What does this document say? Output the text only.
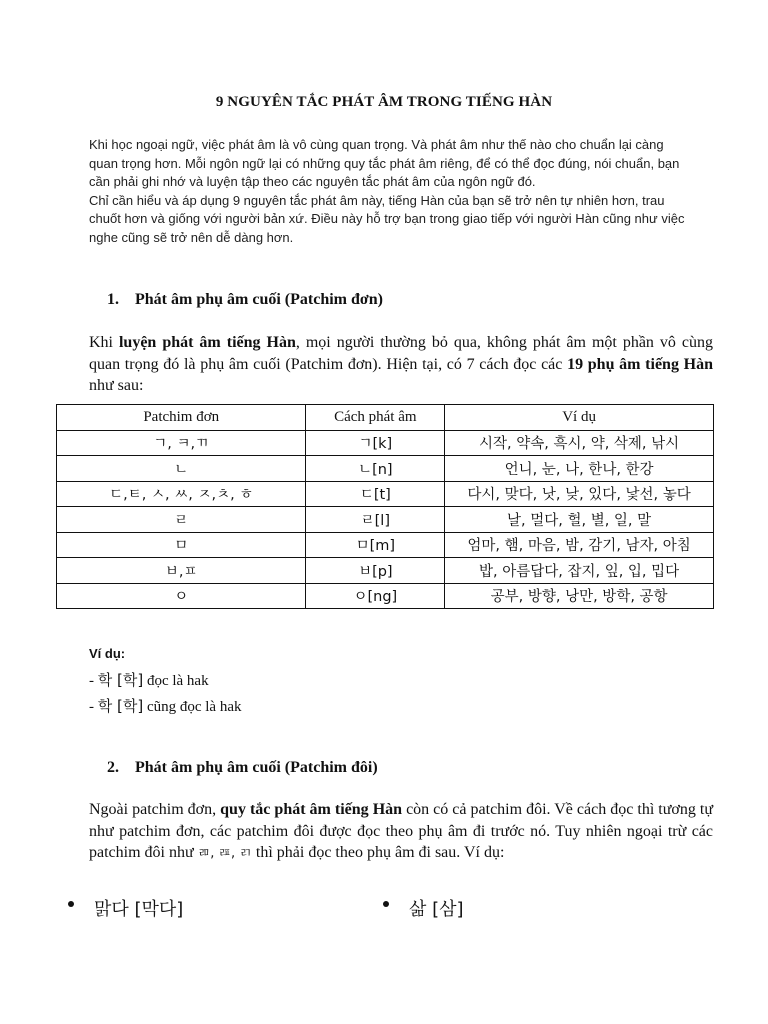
9 NGUYÊN TẮC PHÁT ÂM TRONG TIẾNG HÀN

Khi học ngoại ngữ, việc phát âm là vô cùng quan trọng. Và phát âm như thế nào cho chuẩn lại càng quan trọng hơn. Mỗi ngôn ngữ lại có những quy tắc phát âm riêng, để có thể đọc đúng, nói chuẩn, bạn cần phải ghi nhớ và luyện tập theo các nguyên tắc phát âm của ngôn ngữ đó.

Chỉ cần hiểu và áp dụng 9 nguyên tắc phát âm này, tiếng Hàn của bạn sẽ trở nên tự nhiên hơn, trau chuốt hơn và giống với người bản xứ. Điều này hỗ trợ bạn trong giao tiếp với người Hàn cũng như việc nghe cũng sẽ trở nên dễ dàng hơn.

1. Phát âm phụ âm cuối (Patchim đơn)

Khi luyện phát âm tiếng Hàn, mọi người thường bỏ qua, không phát âm một phần vô cùng quan trọng đó là phụ âm cuối (Patchim đơn). Hiện tại, có 7 cách đọc các 19 phụ âm tiếng Hàn như sau:

Patchim đơn	Cách phát âm	Ví dụ
ㄱ, ㅋ,ㄲ	ㄱ[k]	시작, 약속, 흑시, 약, 삭제, 낚시
ㄴ	ㄴ[n]	언니, 눈, 나, 한나, 한강
ㄷ,ㅌ, ㅅ, ㅆ, ㅈ,ㅊ, ㅎ	ㄷ[t]	다시, 맞다, 낫, 낮, 있다, 낯선, 놓다
ㄹ	ㄹ[l]	날, 멀다, 헐, 별, 일, 말
ㅁ	ㅁ[m]	엄마, 햄, 마음, 밤, 감기, 남자, 아침
ㅂ,ㅍ	ㅂ[p]	밥, 아름답다, 잡지, 잎, 입, 밉다
ㅇ	ㅇ[ng]	공부, 방향, 낭만, 방학, 공항
Ví dụ:
- 학 [학] đọc là hak
- 학 [학] cũng đọc là hak
2. Phát âm phụ âm cuối (Patchim đôi)

Ngoài patchim đơn, quy tắc phát âm tiếng Hàn còn có cả patchim đôi. Về cách đọc thì tương tự như patchim đơn, các patchim đôi được đọc theo phụ âm đi trước nó. Tuy nhiên ngoại trừ các patchim đôi như ㄻ, ㄿ, ㄺ thì phải đọc theo phụ âm đi sau. Ví dụ:

맑다 [막다]	삶 [삼]
